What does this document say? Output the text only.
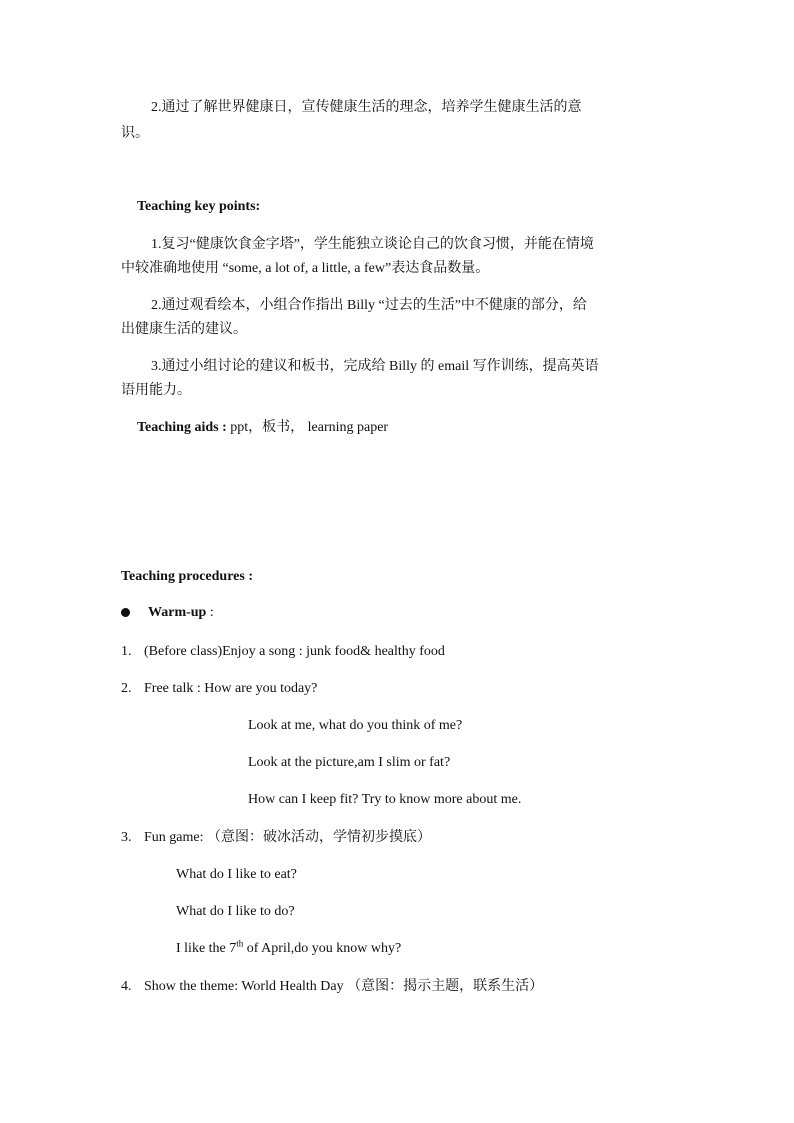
2.通过了解世界健康日，宣传健康生活的理念，培养学生健康生活的意
识。
Teaching key points:
1.复习“健康饮食金字塔”，学生能独立谈论自己的饮食习惯，并能在情境
中较准确地使用 “some, a lot of, a little, a few”表达食品数量。
2.通过观看绘本，小组合作指出 Billy “过去的生活”中不健康的部分，给
出健康生活的建议。
3.通过小组讨论的建议和板书，完成给 Billy 的 email 写作训练，提高英语
语用能力。
Teaching aids : ppt，板书， learning paper
Teaching procedures :
Warm-up :
1. (Before class)Enjoy a song : junk food& healthy food
2. Free talk : How are you today?
Look at me, what do you think of me?
Look at the picture,am I slim or fat?
How can I keep fit? Try to know more about me.
3. Fun game: （意图：破冰活动，学情初步摸底）
What do I like to eat?
What do I like to do?
I like the 7th of April,do you know why?
4. Show the theme: World Health Day （意图：揭示主题，联系生活）
